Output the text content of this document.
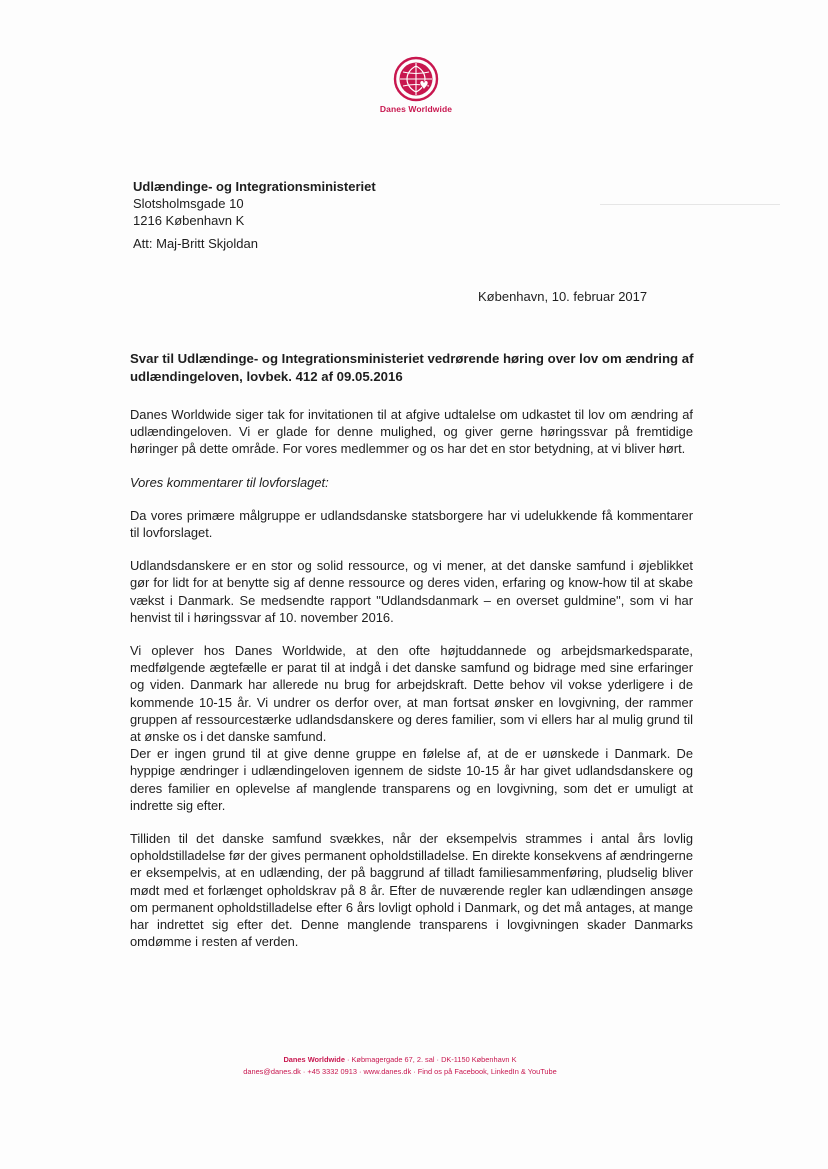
Danes Worldwide
Udlændinge- og Integrationsministeriet
Slotsholmsgade 10
1216 København K
Att: Maj-Britt Skjoldan
København, 10. februar 2017
Svar til Udlændinge- og Integrationsministeriet vedrørende høring over lov om ændring af udlændingeloven, lovbek. 412 af 09.05.2016

Danes Worldwide siger tak for invitationen til at afgive udtalelse om udkastet til lov om ændring af udlændingeloven. Vi er glade for denne mulighed, og giver gerne høringssvar på fremtidige høringer på dette område. For vores medlemmer og os har det en stor betydning, at vi bliver hørt.

Vores kommentarer til lovforslaget:

Da vores primære målgruppe er udlandsdanske statsborgere har vi udelukkende få kommentarer til lovforslaget.

Udlandsdanskere er en stor og solid ressource, og vi mener, at det danske samfund i øjeblikket gør for lidt for at benytte sig af denne ressource og deres viden, erfaring og know-how til at skabe vækst i Danmark. Se medsendte rapport "Udlandsdanmark – en overset guldmine", som vi har henvist til i høringssvar af 10. november 2016.

Vi oplever hos Danes Worldwide, at den ofte højtuddannede og arbejdsmarkedsparate, medfølgende ægtefælle er parat til at indgå i det danske samfund og bidrage med sine erfaringer og viden. Danmark har allerede nu brug for arbejdskraft. Dette behov vil vokse yderligere i de kommende 10-15 år. Vi undrer os derfor over, at man fortsat ønsker en lovgivning, der rammer gruppen af ressourcestærke udlandsdanskere og deres familier, som vi ellers har al mulig grund til at ønske os i det danske samfund.

Der er ingen grund til at give denne gruppe en følelse af, at de er uønskede i Danmark. De hyppige ændringer i udlændingeloven igennem de sidste 10-15 år har givet udlandsdanskere og deres familier en oplevelse af manglende transparens og en lovgivning, som det er umuligt at indrette sig efter.

Tilliden til det danske samfund svækkes, når der eksempelvis strammes i antal års lovlig opholdstilladelse før der gives permanent opholdstilladelse. En direkte konsekvens af ændringerne er eksempelvis, at en udlænding, der på baggrund af tilladt familiesammenføring, pludselig bliver mødt med et forlænget opholdskrav på 8 år. Efter de nuværende regler kan udlændingen ansøge om permanent opholdstilladelse efter 6 års lovligt ophold i Danmark, og det må antages, at mange har indrettet sig efter det. Denne manglende transparens i lovgivningen skader Danmarks omdømme i resten af verden.

Danes Worldwide · Købmagergade 67, 2. sal · DK-1150 København K
danes@danes.dk · +45 3332 0913 · www.danes.dk · Find os på Facebook, LinkedIn & YouTube
